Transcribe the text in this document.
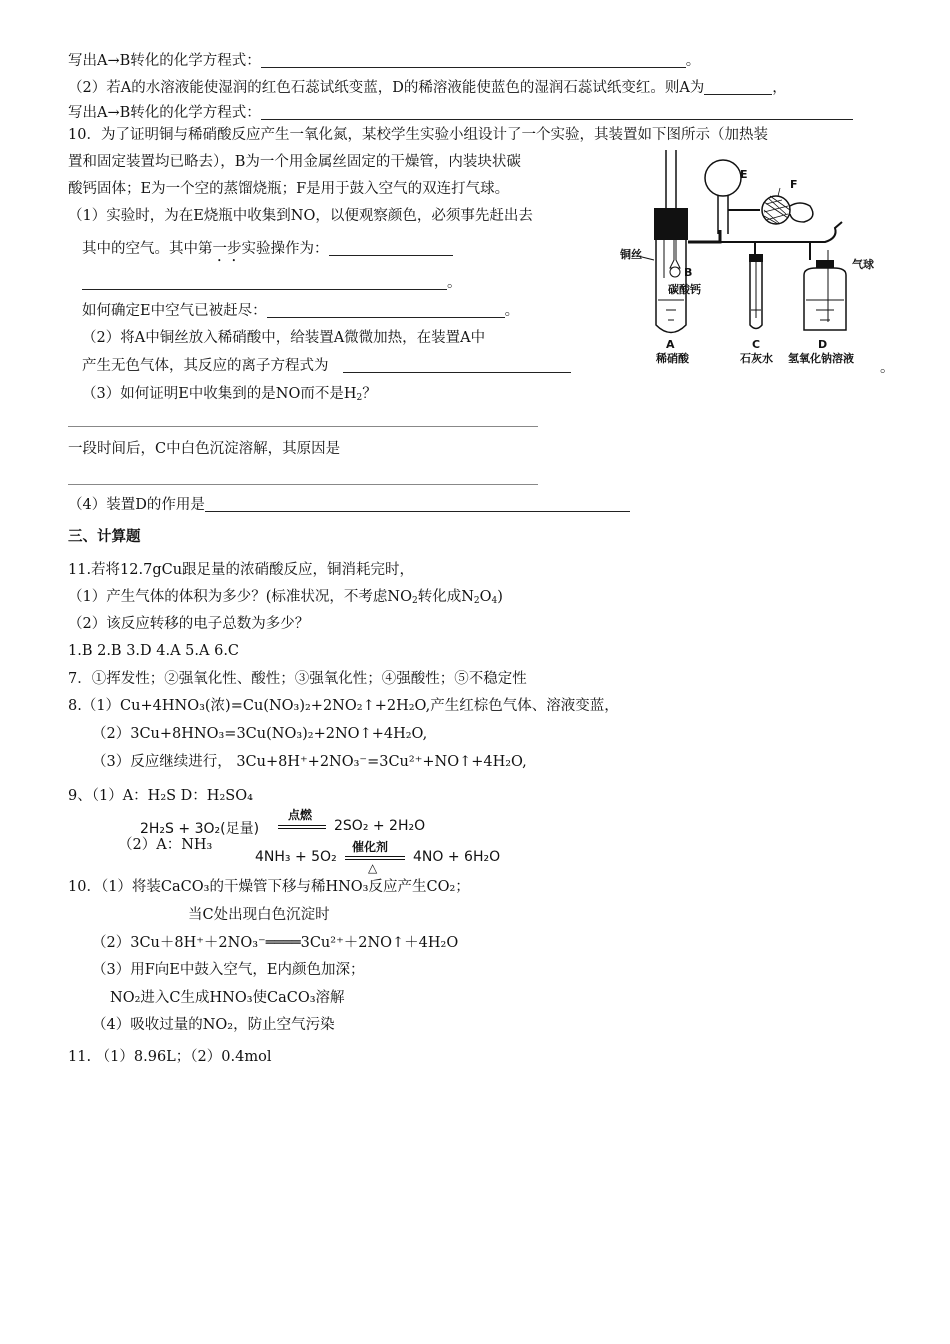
写出A→B转化的化学方程式：	。
（2）若A的水溶液能使湿润的红色石蕊试纸变蓝，D的稀溶液能使蓝色的湿润石蕊试纸变红。则A为	，
写出A→B转化的化学方程式：
10．为了证明铜与稀硝酸反应产生一氧化氮，某校学生实验小组设计了一个实验，其装置如下图所示（加热装
置和固定装置均已略去），B为一个用金属丝固定的干燥管，内装块状碳
酸钙固体；E为一个空的蒸馏烧瓶；F是用于鼓入空气的双连打气球。
（1）实验时，为在E烧瓶中收集到NO，以便观察颜色，必须事先赶出去
其中的空气。其中第一步实验操作为：
。
如何确定E中空气已被赶尽：	。
（2）将A中铜丝放入稀硝酸中，给装置A微微加热，在装置A中
产生无色气体，其反应的离子方程式为	。
（3）如何证明E中收集到的是NO而不是$H_2$？
一段时间后，C中白色沉淀溶解，其原因是
（4）装置D的作用是
铜丝
B
碳酸钙
E
F
气球
A
稀硝酸
C
石灰水
D
氢氧化钠溶液
三、计算题
11.若将12.7gCu跟足量的浓硝酸反应，铜消耗完时，
（1）产生气体的体积为多少？(标准状况，不考虑$NO_2$转化成$N_2O_4$)
（2）该反应转移的电子总数为多少？
1.B 2.B 3.D 4.A 5.A 6.C
7．①挥发性；②强氧化性、酸性；③强氧化性；④强酸性；⑤不稳定性
8.（1）Cu+4HNO₃(浓)=Cu(NO₃)₂+2NO₂↑+2H₂O,产生红棕色气体、溶液变蓝，
（2）3Cu+8HNO₃=3Cu(NO₃)₂+2NO↑+4H₂O,
（3）反应继续进行， 3Cu+8H⁺+2NO₃⁻=3Cu²⁺+NO↑+4H₂O,
9、（1）A：H₂S D：H₂SO₄
2H₂S + 3O₂(足量)
点燃
2SO₂ + 2H₂O
（2）A：NH₃
4NH₃ + 5O₂
催化剂
△
4NO + 6H₂O
10．（1）将装CaCO₃的干燥管下移与稀HNO₃反应产生CO₂；
当C处出现白色沉淀时
（2）3Cu＋8H⁺＋2NO₃⁻════3Cu²⁺＋2NO↑＋4H₂O
（3）用F向E中鼓入空气，E内颜色加深；
NO₂进入C生成HNO₃使CaCO₃溶解
（4）吸收过量的NO₂，防止空气污染
11. （1）8.96L；（2）0.4mol
